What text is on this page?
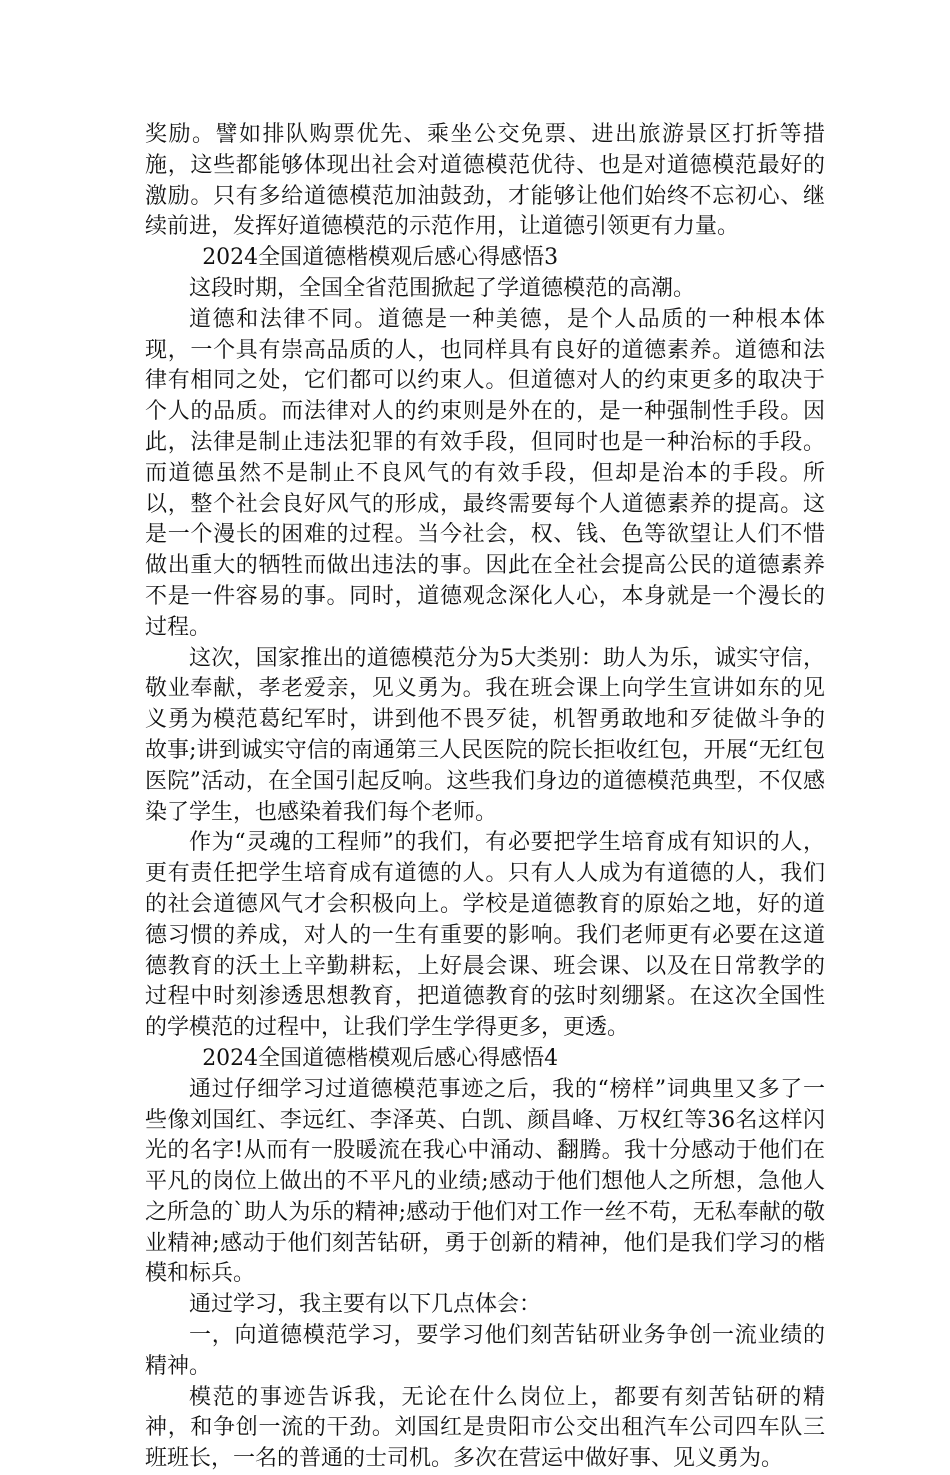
奖励。譬如排队购票优先、乘坐公交免票、进出旅游景区打折等措施，这些都能够体现出社会对道德模范优待、也是对道德模范最好的激励。只有多给道德模范加油鼓劲，才能够让他们始终不忘初心、继续前进，发挥好道德模范的示范作用，让道德引领更有力量。

2024全国道德楷模观后感心得感悟3

这段时期，全国全省范围掀起了学道德模范的高潮。

道德和法律不同。道德是一种美德，是个人品质的一种根本体现，一个具有崇高品质的人，也同样具有良好的道德素养。道德和法律有相同之处，它们都可以约束人。但道德对人的约束更多的取决于个人的品质。而法律对人的约束则是外在的，是一种强制性手段。因此，法律是制止违法犯罪的有效手段，但同时也是一种治标的手段。而道德虽然不是制止不良风气的有效手段，但却是治本的手段。所以，整个社会良好风气的形成，最终需要每个人道德素养的提高。这是一个漫长的困难的过程。当今社会，权、钱、色等欲望让人们不惜做出重大的牺牲而做出违法的事。因此在全社会提高公民的道德素养不是一件容易的事。同时，道德观念深化人心，本身就是一个漫长的过程。

这次，国家推出的道德模范分为5大类别：助人为乐，诚实守信，敬业奉献，孝老爱亲，见义勇为。我在班会课上向学生宣讲如东的见义勇为模范葛纪军时，讲到他不畏歹徒，机智勇敢地和歹徒做斗争的故事;讲到诚实守信的南通第三人民医院的院长拒收红包，开展“无红包医院”活动，在全国引起反响。这些我们身边的道德模范典型，不仅感染了学生，也感染着我们每个老师。

作为“灵魂的工程师”的我们，有必要把学生培育成有知识的人，更有责任把学生培育成有道德的人。只有人人成为有道德的人，我们的社会道德风气才会积极向上。学校是道德教育的原始之地，好的道德习惯的养成，对人的一生有重要的影响。我们老师更有必要在这道德教育的沃土上辛勤耕耘，上好晨会课、班会课、以及在日常教学的过程中时刻渗透思想教育，把道德教育的弦时刻绷紧。在这次全国性的学模范的过程中，让我们学生学得更多，更透。

2024全国道德楷模观后感心得感悟4

通过仔细学习过道德模范事迹之后，我的“榜样”词典里又多了一些像刘国红、李远红、李泽英、白凯、颜昌峰、万权红等36名这样闪光的名字!从而有一股暖流在我心中涌动、翻腾。我十分感动于他们在平凡的岗位上做出的不平凡的业绩;感动于他们想他人之所想，急他人之所急的`助人为乐的精神;感动于他们对工作一丝不苟，无私奉献的敬业精神;感动于他们刻苦钻研，勇于创新的精神，他们是我们学习的楷模和标兵。

通过学习，我主要有以下几点体会：

一，向道德模范学习，要学习他们刻苦钻研业务争创一流业绩的精神。

模范的事迹告诉我，无论在什么岗位上，都要有刻苦钻研的精神，和争创一流的干劲。刘国红是贵阳市公交出租汽车公司四车队三班班长，一名的普通的士司机。多次在营运中做好事、见义勇为。
